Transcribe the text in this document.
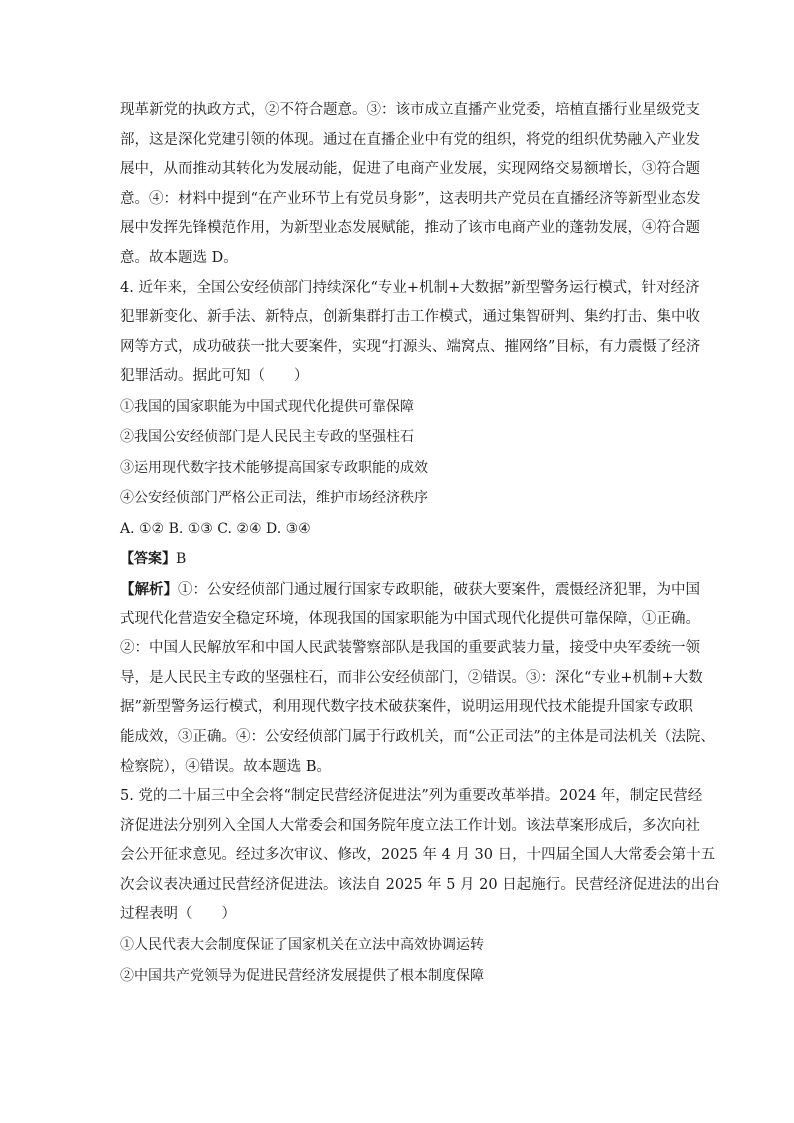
现革新党的执政方式，②不符合题意。③：该市成立直播产业党委，培植直播行业星级党支
部，这是深化党建引领的体现。通过在直播企业中有党的组织，将党的组织优势融入产业发
展中，从而推动其转化为发展动能，促进了电商产业发展，实现网络交易额增长，③符合题
意。④：材料中提到“在产业环节上有党员身影”，这表明共产党员在直播经济等新型业态发
展中发挥先锋模范作用，为新型业态发展赋能，推动了该市电商产业的蓬勃发展，④符合题
意。故本题选 D。
4. 近年来，全国公安经侦部门持续深化“专业+机制+大数据”新型警务运行模式，针对经济
犯罪新变化、新手法、新特点，创新集群打击工作模式，通过集智研判、集约打击、集中收
网等方式，成功破获一批大要案件，实现“打源头、端窝点、摧网络”目标，有力震慑了经济
犯罪活动。据此可知（　　）
①我国的国家职能为中国式现代化提供可靠保障
②我国公安经侦部门是人民民主专政的坚强柱石
③运用现代数字技术能够提高国家专政职能的成效
④公安经侦部门严格公正司法，维护市场经济秩序
A. ①② B. ①③ C. ②④ D. ③④
【答案】B
【解析】①：公安经侦部门通过履行国家专政职能，破获大要案件，震慑经济犯罪，为中国
式现代化营造安全稳定环境，体现我国的国家职能为中国式现代化提供可靠保障，①正确。
②：中国人民解放军和中国人民武装警察部队是我国的重要武装力量，接受中央军委统一领
导，是人民民主专政的坚强柱石，而非公安经侦部门，②错误。③：深化“专业+机制+大数
据”新型警务运行模式，利用现代数字技术破获案件，说明运用现代技术能提升国家专政职
能成效，③正确。④：公安经侦部门属于行政机关，而“公正司法”的主体是司法机关（法院、
检察院），④错误。故本题选 B。
5. 党的二十届三中全会将“制定民营经济促进法”列为重要改革举措。2024 年，制定民营经
济促进法分别列入全国人大常委会和国务院年度立法工作计划。该法草案形成后，多次向社
会公开征求意见。经过多次审议、修改，2025 年 4 月 30 日，十四届全国人大常委会第十五
次会议表决通过民营经济促进法。该法自 2025 年 5 月 20 日起施行。民营经济促进法的出台
过程表明（　　）
①人民代表大会制度保证了国家机关在立法中高效协调运转
②中国共产党领导为促进民营经济发展提供了根本制度保障
